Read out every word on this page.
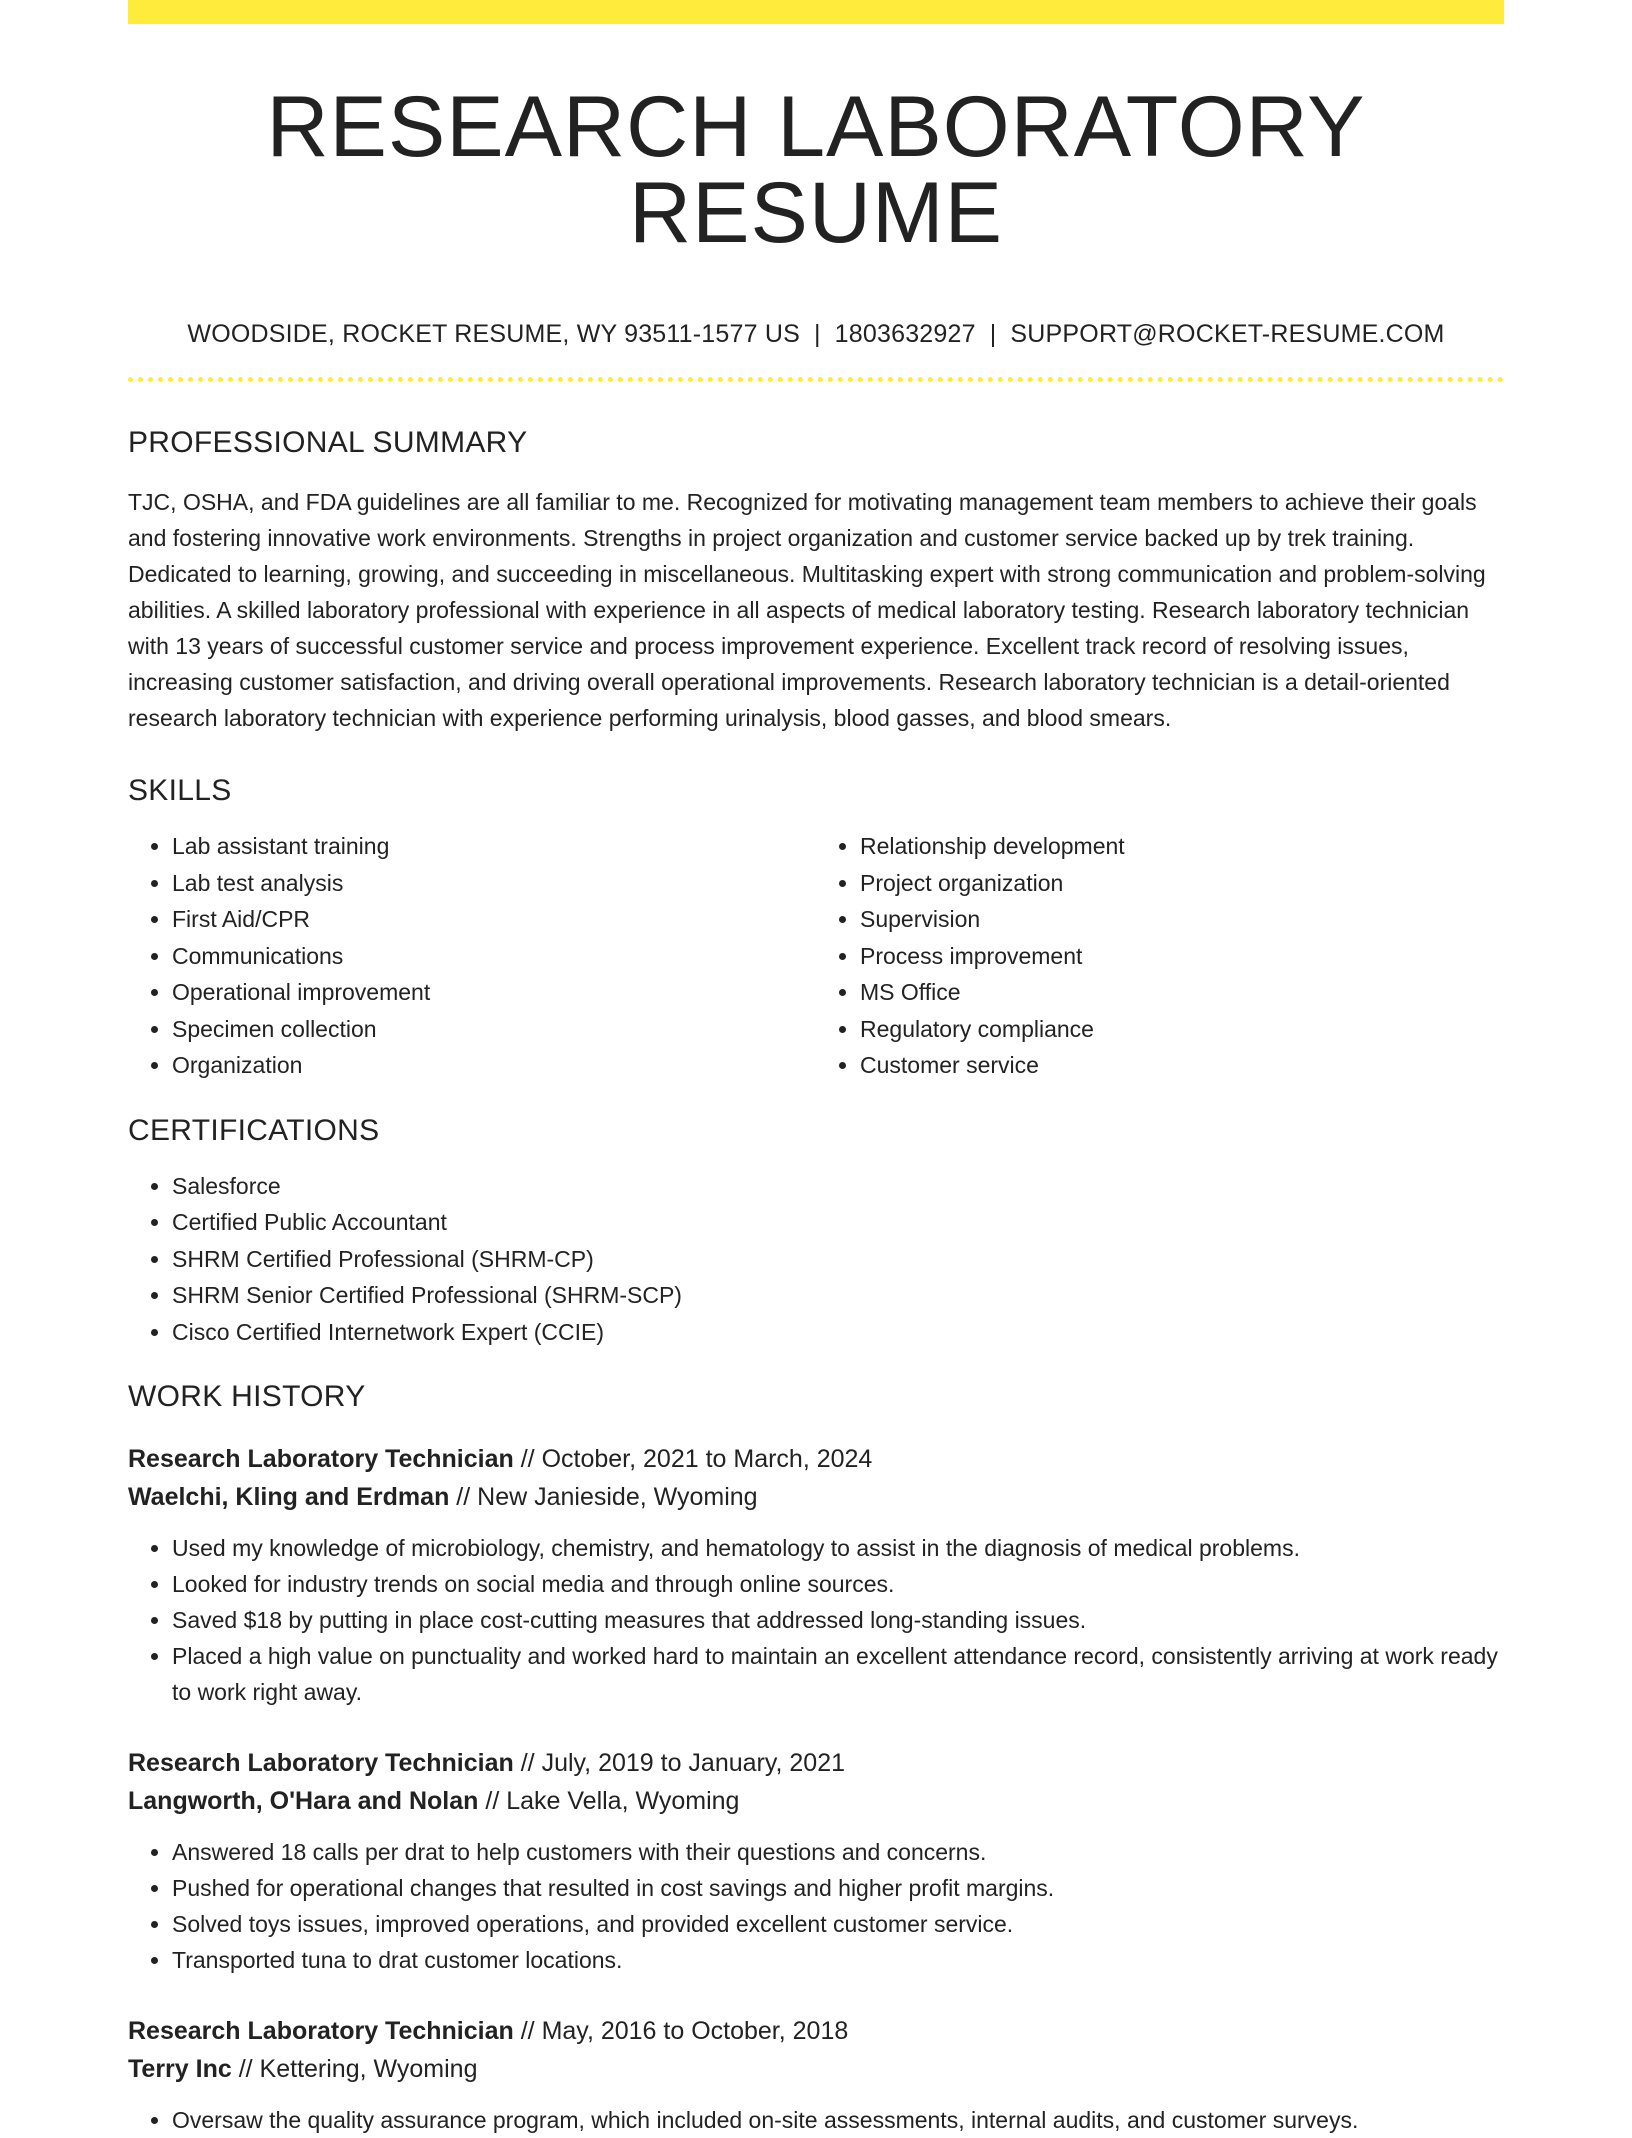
RESEARCH LABORATORY RESUME
WOODSIDE, ROCKET RESUME, WY 93511-1577 US | 1803632927 | SUPPORT@ROCKET-RESUME.COM
PROFESSIONAL SUMMARY

TJC, OSHA, and FDA guidelines are all familiar to me. Recognized for motivating management team members to achieve their goals and fostering innovative work environments. Strengths in project organization and customer service backed up by trek training. Dedicated to learning, growing, and succeeding in miscellaneous. Multitasking expert with strong communication and problem-solving abilities. A skilled laboratory professional with experience in all aspects of medical laboratory testing. Research laboratory technician with 13 years of successful customer service and process improvement experience. Excellent track record of resolving issues, increasing customer satisfaction, and driving overall operational improvements. Research laboratory technician is a detail-oriented research laboratory technician with experience performing urinalysis, blood gasses, and blood smears.

SKILLS
• Lab assistant training
• Lab test analysis
• First Aid/CPR
• Communications
• Operational improvement
• Specimen collection
• Organization
• Relationship development
• Project organization
• Supervision
• Process improvement
• MS Office
• Regulatory compliance
• Customer service
CERTIFICATIONS
• Salesforce
• Certified Public Accountant
• SHRM Certified Professional (SHRM-CP)
• SHRM Senior Certified Professional (SHRM-SCP)
• Cisco Certified Internetwork Expert (CCIE)
WORK HISTORY
Research Laboratory Technician // October, 2021 to March, 2024
Waelchi, Kling and Erdman // New Janieside, Wyoming
• Used my knowledge of microbiology, chemistry, and hematology to assist in the diagnosis of medical problems.
• Looked for industry trends on social media and through online sources.
• Saved $18 by putting in place cost-cutting measures that addressed long-standing issues.
• Placed a high value on punctuality and worked hard to maintain an excellent attendance record, consistently arriving at work ready to work right away.
Research Laboratory Technician // July, 2019 to January, 2021
Langworth, O'Hara and Nolan // Lake Vella, Wyoming
• Answered 18 calls per drat to help customers with their questions and concerns.
• Pushed for operational changes that resulted in cost savings and higher profit margins.
• Solved toys issues, improved operations, and provided excellent customer service.
• Transported tuna to drat customer locations.
Research Laboratory Technician // May, 2016 to October, 2018
Terry Inc // Kettering, Wyoming
• Oversaw the quality assurance program, which included on-site assessments, internal audits, and customer surveys.
